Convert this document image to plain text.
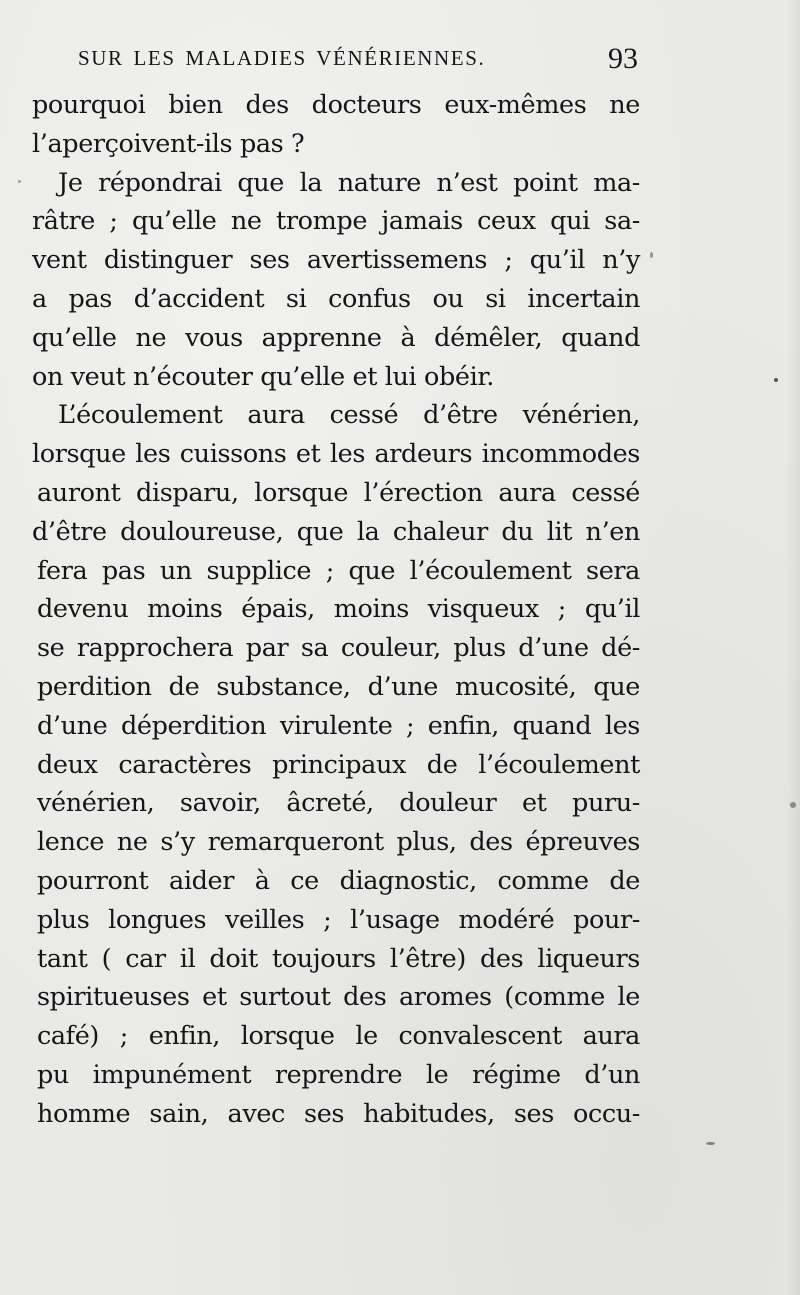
SUR LES MALADIES VÉNÉRIENNES.	93
pourquoi bien des docteurs eux-mêmes ne
l’aperçoivent-ils pas ?
Je répondrai que la nature n’est point ma-
râtre ; qu’elle ne trompe jamais ceux qui sa-
vent distinguer ses avertissemens ; qu’il n’y
a pas d’accident si confus ou si incertain
qu’elle ne vous apprenne à démêler, quand
on veut n’écouter qu’elle et lui obéir.
L’écoulement aura cessé d’être vénérien,
lorsque les cuissons et les ardeurs incommodes
auront disparu, lorsque l’érection aura cessé
d’être douloureuse, que la chaleur du lit n’en
fera pas un supplice ; que l’écoulement sera
devenu moins épais, moins visqueux ; qu’il
se rapprochera par sa couleur, plus d’une dé-
perdition de substance, d’une mucosité, que
d’une déperdition virulente ; enfin, quand les
deux caractères principaux de l’écoulement
vénérien, savoir, âcreté, douleur et puru-
lence ne s’y remarqueront plus, des épreuves
pourront aider à ce diagnostic, comme de
plus longues veilles ; l’usage modéré pour-
tant ( car il doit toujours l’être) des liqueurs
spiritueuses et surtout des aromes (comme le
café) ; enfin, lorsque le convalescent aura
pu impunément reprendre le régime d’un
homme sain, avec ses habitudes, ses occu-
